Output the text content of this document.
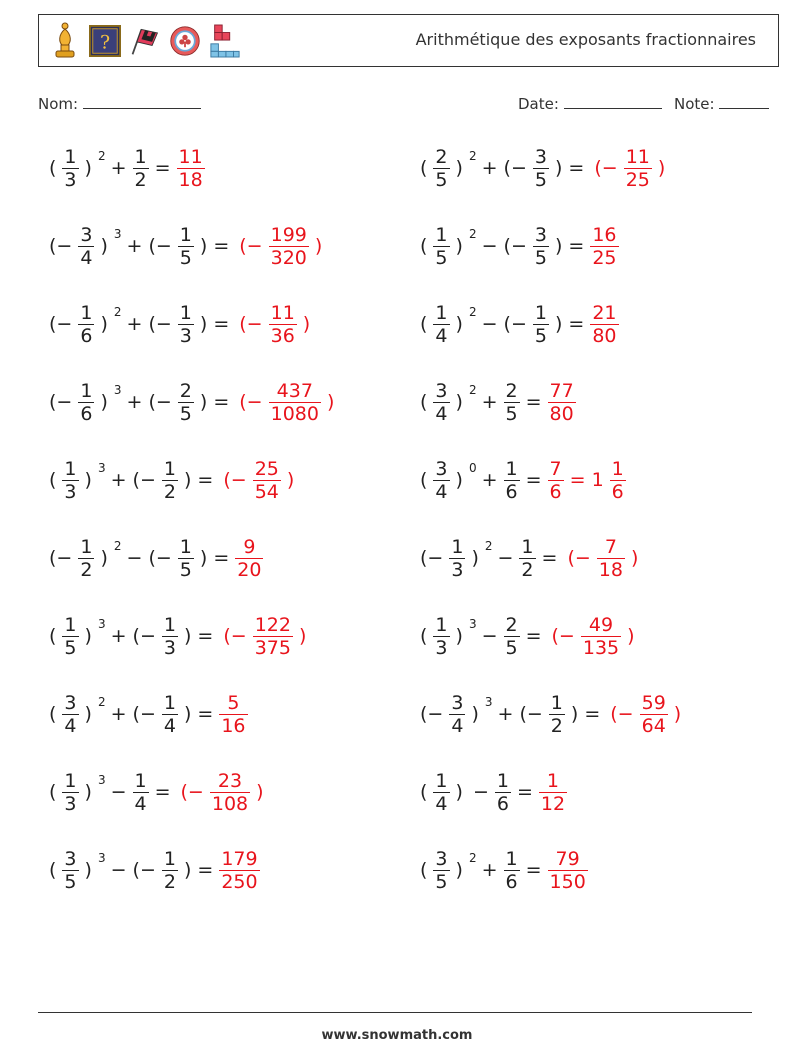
?	Arithmétique des exposants fractionnaires
Nom:	Date:	Note:
( $\frac{1}{3}$ )
2
+ $\frac{1}{2} = \frac{11}{18}$	( $\frac{2}{5}$ )
2
+ (− $\frac{3}{5}$ ) = (− $\frac{11}{25}$ )
(− $\frac{3}{4}$ )
3
+ (− $\frac{1}{5}$ ) = (− $\frac{199}{320}$ )	( $\frac{1}{5}$ )
2
− (− $\frac{3}{5}$ ) = $\frac{16}{25}$
(− $\frac{1}{6}$ )
2
+ (− $\frac{1}{3}$ ) = (− $\frac{11}{36}$ )	( $\frac{1}{4}$ )
2
− (− $\frac{1}{5}$ ) = $\frac{21}{80}$
(− $\frac{1}{6}$ )
3
+ (− $\frac{2}{5}$ ) = (− $\frac{437}{1080}$ )	( $\frac{3}{4}$ )
2
+ $\frac{2}{5} = \frac{77}{80}$
( $\frac{1}{3}$ )
3
+ (− $\frac{1}{2}$ ) = (− $\frac{25}{54}$ )	( $\frac{3}{4}$ )
0
+ $\frac{1}{6} = \frac{7}{6} = 1 \frac{1}{6}$
(− $\frac{1}{2}$ )
2
− (− $\frac{1}{5}$ ) = $\frac{9}{20}$	(− $\frac{1}{3}$ )
2
− $\frac{1}{2}$ = (− $\frac{7}{18}$ )
( $\frac{1}{5}$ )
3
+ (− $\frac{1}{3}$ ) = (− $\frac{122}{375}$ )	( $\frac{1}{3}$ )
3
− $\frac{2}{5}$ = (− $\frac{49}{135}$ )
( $\frac{3}{4}$ )
2
+ (− $\frac{1}{4}$ ) = $\frac{5}{16}$	(− $\frac{3}{4}$ )
3
+ (− $\frac{1}{2}$ ) = (− $\frac{59}{64}$ )
( $\frac{1}{3}$ )
3
− $\frac{1}{4}$ = (− $\frac{23}{108}$ )	( $\frac{1}{4}$ ) − $\frac{1}{6} = \frac{1}{12}$
( $\frac{3}{5}$ )
3
− (− $\frac{1}{2}$ ) = $\frac{179}{250}$	( $\frac{3}{5}$ )
2
+ $\frac{1}{6} = \frac{79}{150}$
www.snowmath.com
